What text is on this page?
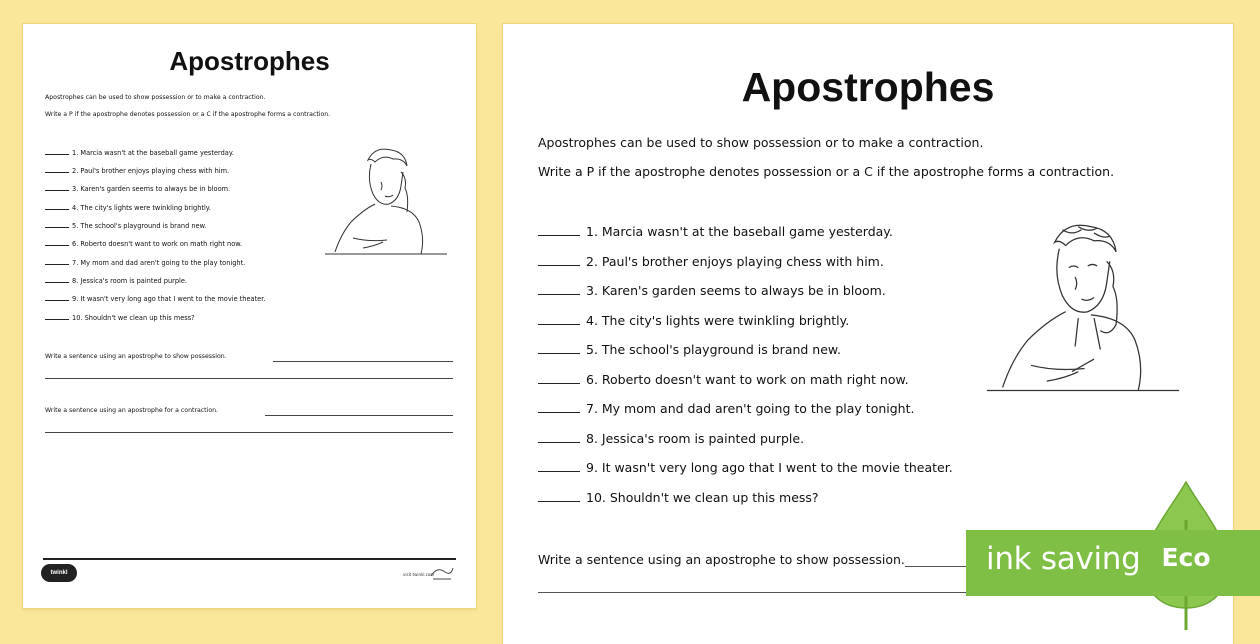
Apostrophes
Apostrophes can be used to show possession or to make a contraction.
Write a P if the apostrophe denotes possession or a C if the apostrophe forms a contraction.
1. Marcia wasn't at the baseball game yesterday.
2. Paul's brother enjoys playing chess with him.
3. Karen's garden seems to always be in bloom.
4. The city's lights were twinkling brightly.
5. The school's playground is brand new.
6. Roberto doesn't want to work on math right now.
7. My mom and dad aren't going to the play tonight.
8. Jessica's room is painted purple.
9. It wasn't very long ago that I went to the movie theater.
10. Shouldn't we clean up this mess?
Write a sentence using an apostrophe to show possession.
Write a sentence using an apostrophe for a contraction.
twinkl	visit twinkl.com
Apostrophes
Apostrophes can be used to show possession or to make a contraction.
Write a P if the apostrophe denotes possession or a C if the apostrophe forms a contraction.
1. Marcia wasn't at the baseball game yesterday.
2. Paul's brother enjoys playing chess with him.
3. Karen's garden seems to always be in bloom.
4. The city's lights were twinkling brightly.
5. The school's playground is brand new.
6. Roberto doesn't want to work on math right now.
7. My mom and dad aren't going to the play tonight.
8. Jessica's room is painted purple.
9. It wasn't very long ago that I went to the movie theater.
10. Shouldn't we clean up this mess?
Write a sentence using an apostrophe to show possession.	ink saving Eco
